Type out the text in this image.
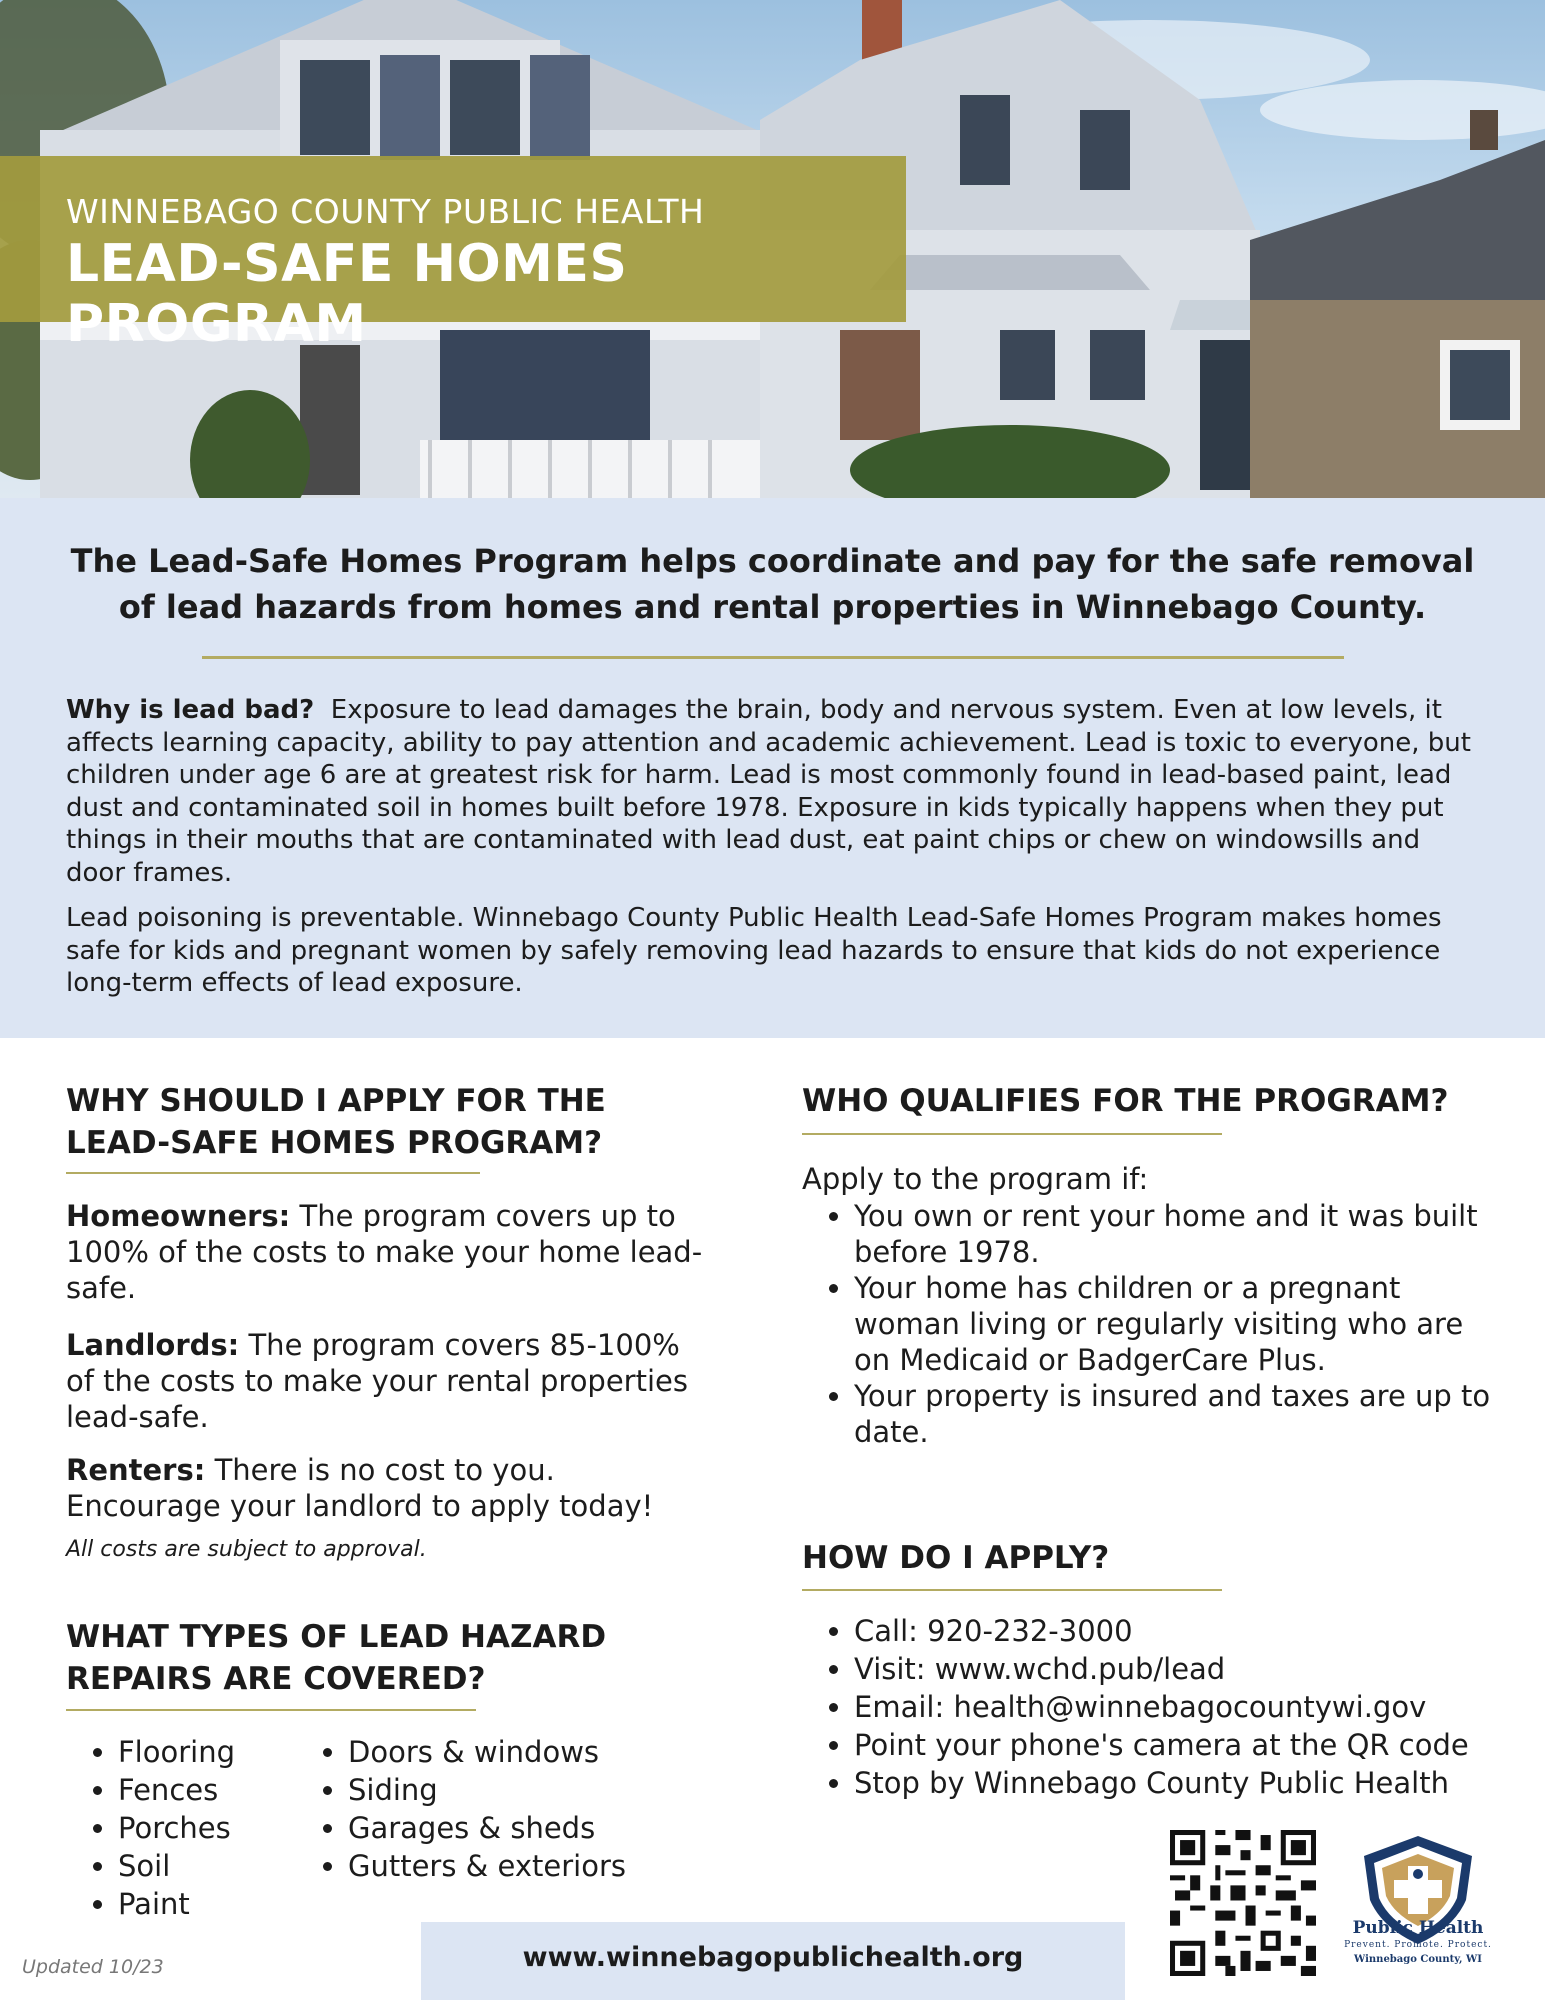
WINNEBAGO COUNTY PUBLIC HEALTH
LEAD-SAFE HOMES PROGRAM
The Lead-Safe Homes Program helps coordinate and pay for the safe removal of lead hazards from homes and rental properties in Winnebago County.
Why is lead bad? Exposure to lead damages the brain, body and nervous system. Even at low levels, it affects learning capacity, ability to pay attention and academic achievement. Lead is toxic to everyone, but children under age 6 are at greatest risk for harm. Lead is most commonly found in lead-based paint, lead dust and contaminated soil in homes built before 1978. Exposure in kids typically happens when they put things in their mouths that are contaminated with lead dust, eat paint chips or chew on windowsills and door frames.
Lead poisoning is preventable. Winnebago County Public Health Lead-Safe Homes Program makes homes safe for kids and pregnant women by safely removing lead hazards to ensure that kids do not experience long-term effects of lead exposure.
WHY SHOULD I APPLY FOR THE
LEAD-SAFE HOMES PROGRAM?
Homeowners: The program covers up to 100% of the costs to make your home lead-safe.
Landlords: The program covers 85-100% of the costs to make your rental properties lead-safe.
Renters: There is no cost to you. Encourage your landlord to apply today!
All costs are subject to approval.
WHAT TYPES OF LEAD HAZARD
REPAIRS ARE COVERED?
• Flooring
• Fences
• Porches
• Soil
• Paint
• Doors & windows
• Siding
• Garages & sheds
• Gutters & exteriors
WHO QUALIFIES FOR THE PROGRAM?
Apply to the program if:
• You own or rent your home and it was built before 1978.
• Your home has children or a pregnant woman living or regularly visiting who are on Medicaid or BadgerCare Plus.
• Your property is insured and taxes are up to date.
HOW DO I APPLY?
• Call: 920-232-3000
• Visit: www.wchd.pub/lead
• Email: health@winnebagocountywi.gov
• Point your phone's camera at the QR code
• Stop by Winnebago County Public Health
Updated 10/23	www.winnebagopublichealth.org
Public Health
Prevent. Promote. Protect.
Winnebago County, WI
